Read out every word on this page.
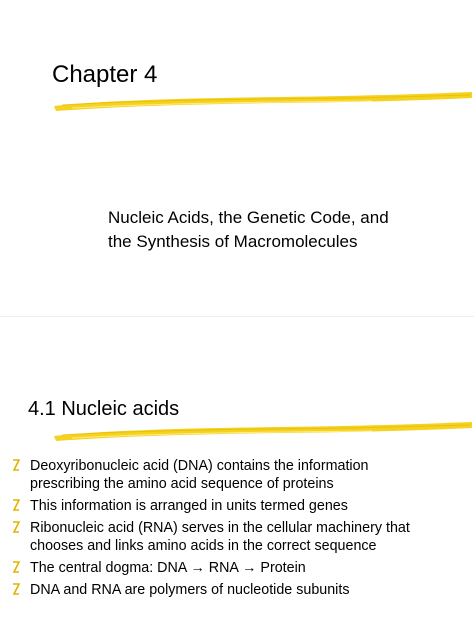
Chapter 4
Nucleic Acids, the Genetic Code, and
the Synthesis of Macromolecules
4.1 Nucleic acids
Deoxyribonucleic acid (DNA) contains the information
prescribing the amino acid sequence of proteins
This information is arranged in units termed genes
Ribonucleic acid (RNA) serves in the cellular machinery that
chooses and links amino acids in the correct sequence
The central dogma: DNA → RNA → Protein
DNA and RNA are polymers of nucleotide subunits
